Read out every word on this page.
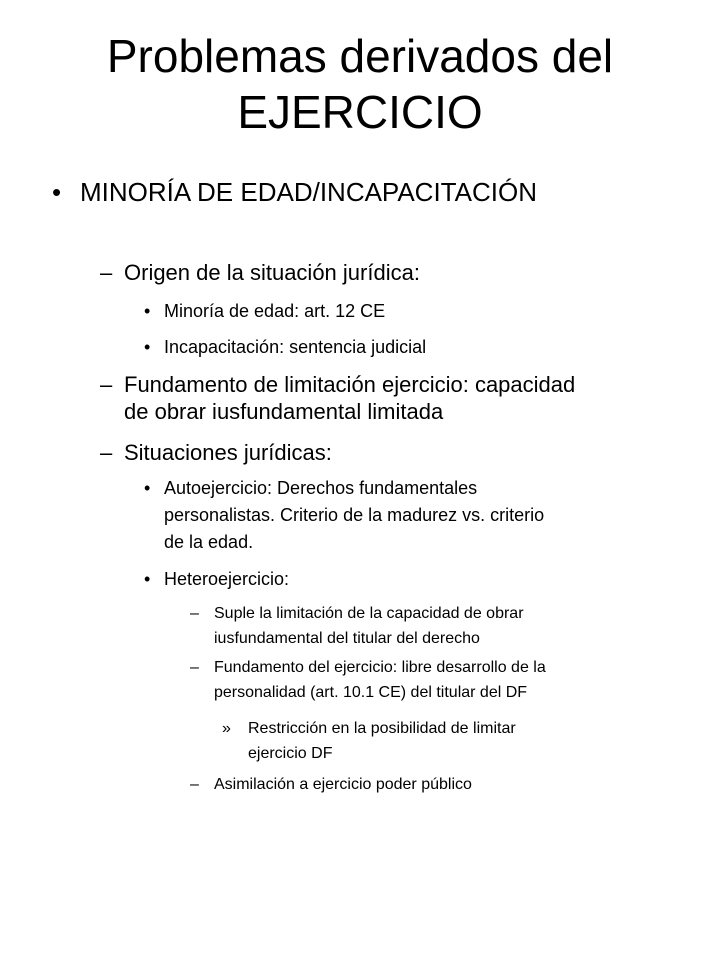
Problemas derivados del
EJERCICIO
• MINORÍA DE EDAD/INCAPACITACIÓN
– Origen de la situación jurídica:
• Minoría de edad: art. 12 CE
• Incapacitación: sentencia judicial
– Fundamento de limitación ejercicio: capacidad
de obrar iusfundamental limitada
– Situaciones jurídicas:
• Autoejercicio: Derechos fundamentales
personalistas. Criterio de la madurez vs. criterio
de la edad.
• Heteroejercicio:
– Suple la limitación de la capacidad de obrar
iusfundamental del titular del derecho
– Fundamento del ejercicio: libre desarrollo de la
personalidad (art. 10.1 CE) del titular del DF
» Restricción en la posibilidad de limitar
ejercicio DF
– Asimilación a ejercicio poder público
